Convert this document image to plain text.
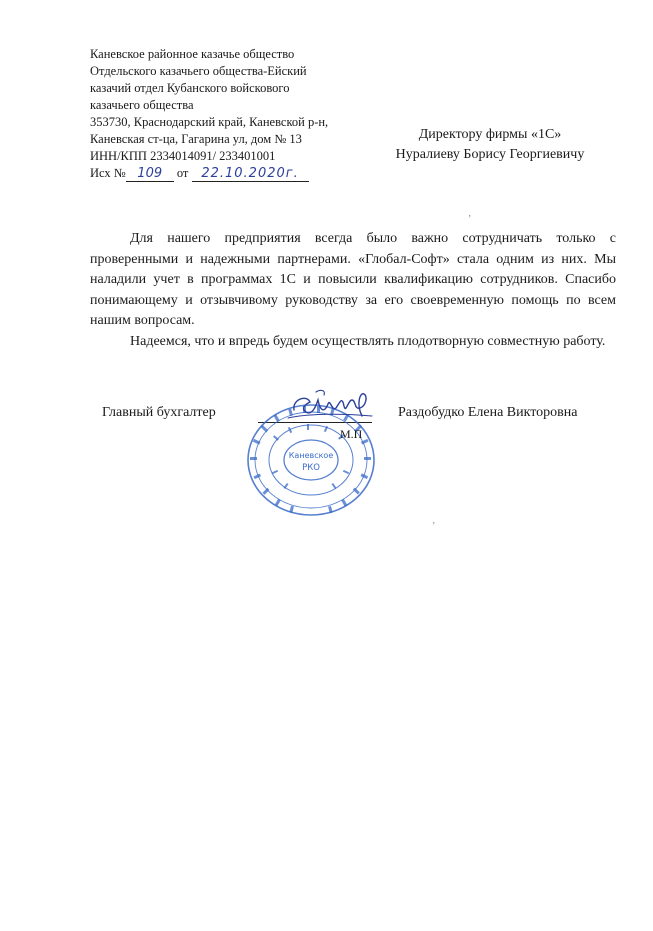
Каневское районное казачье общество
Отдельского казачьего общества-Ейский
казачий отдел Кубанского войскового
казачьего общества
353730, Краснодарский край, Каневской р-н,
Каневская ст-ца, Гагарина ул, дом № 13
ИНН/КПП 2334014091/ 233401001
Исх № 109 от 22.10.2020г.
Директору фирмы «1С»
Нуралиеву Борису Георгиевичу
ʼ

Для нашего предприятия всегда было важно сотрудничать только с проверенными и надежными партнерами. «Глобал-Софт» стала одним из них. Мы наладили учет в программах 1С и повысили квалификацию сотрудников. Спасибо понимающему и отзывчивому руководству за его своевременную помощь по всем нашим вопросам.

Надеемся, что и впредь будем осуществлять плодотворную совместную работу.

Главный бухгалтер	Раздобудко Елена Викторовна
Каневское
РКО
М.П
ʼ
